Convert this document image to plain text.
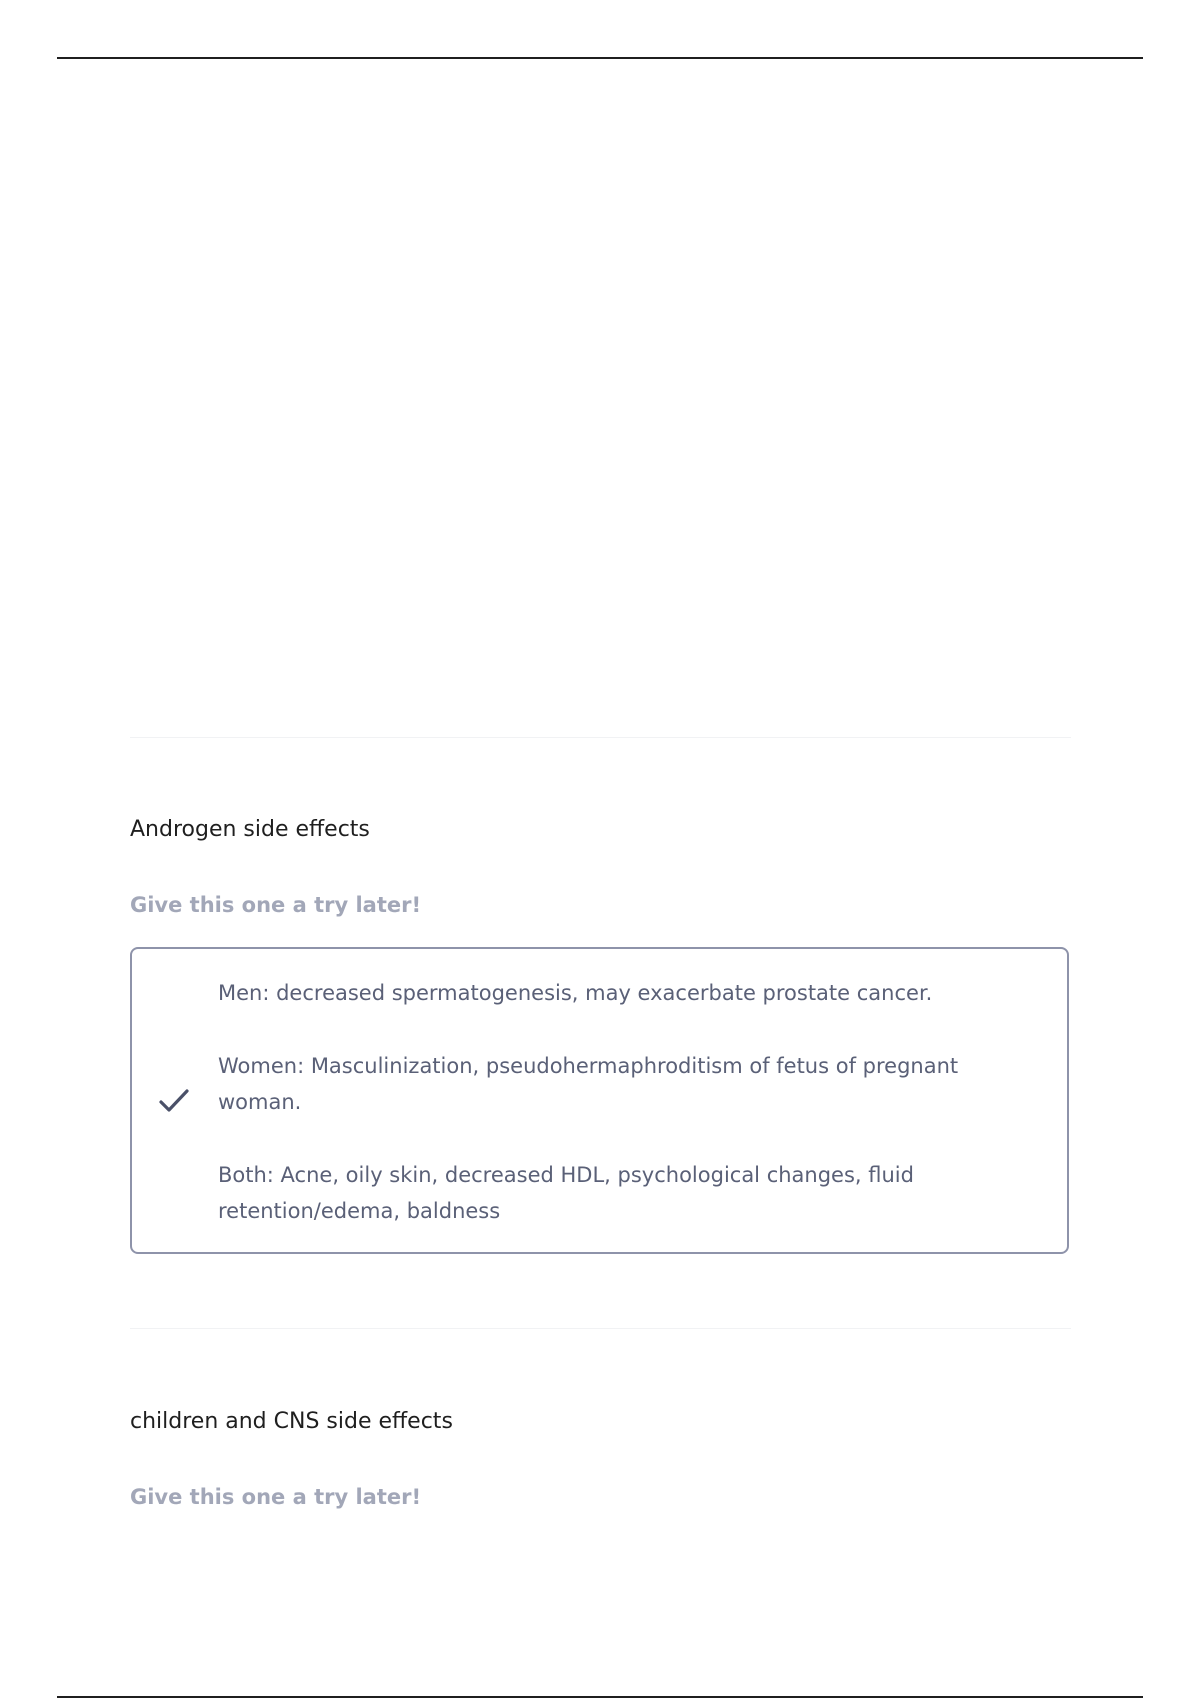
Androgen side effects
Give this one a try later!

Men: decreased spermatogenesis, may exacerbate prostate cancer.

Women: Masculinization, pseudohermaphroditism of fetus of pregnant woman.

Both: Acne, oily skin, decreased HDL, psychological changes, fluid retention/edema, baldness

children and CNS side effects
Give this one a try later!
